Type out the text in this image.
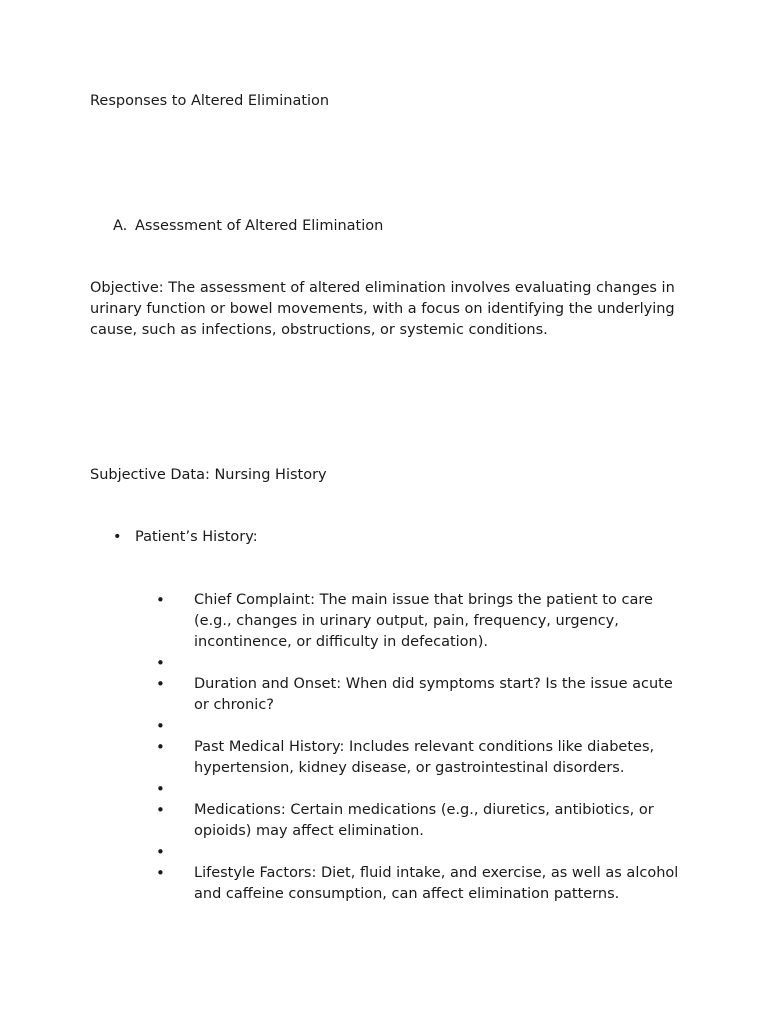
Responses to Altered Elimination
A. Assessment of Altered Elimination
Objective: The assessment of altered elimination involves evaluating changes in urinary function or bowel movements, with a focus on identifying the underlying cause, such as infections, obstructions, or systemic conditions.
Subjective Data: Nursing History
• Patient’s History:
• Chief Complaint: The main issue that brings the patient to care (e.g., changes in urinary output, pain, frequency, urgency, incontinence, or difficulty in defecation).
•
• Duration and Onset: When did symptoms start? Is the issue acute or chronic?
•
• Past Medical History: Includes relevant conditions like diabetes, hypertension, kidney disease, or gastrointestinal disorders.
•
• Medications: Certain medications (e.g., diuretics, antibiotics, or opioids) may affect elimination.
•
• Lifestyle Factors: Diet, fluid intake, and exercise, as well as alcohol and caffeine consumption, can affect elimination patterns.
